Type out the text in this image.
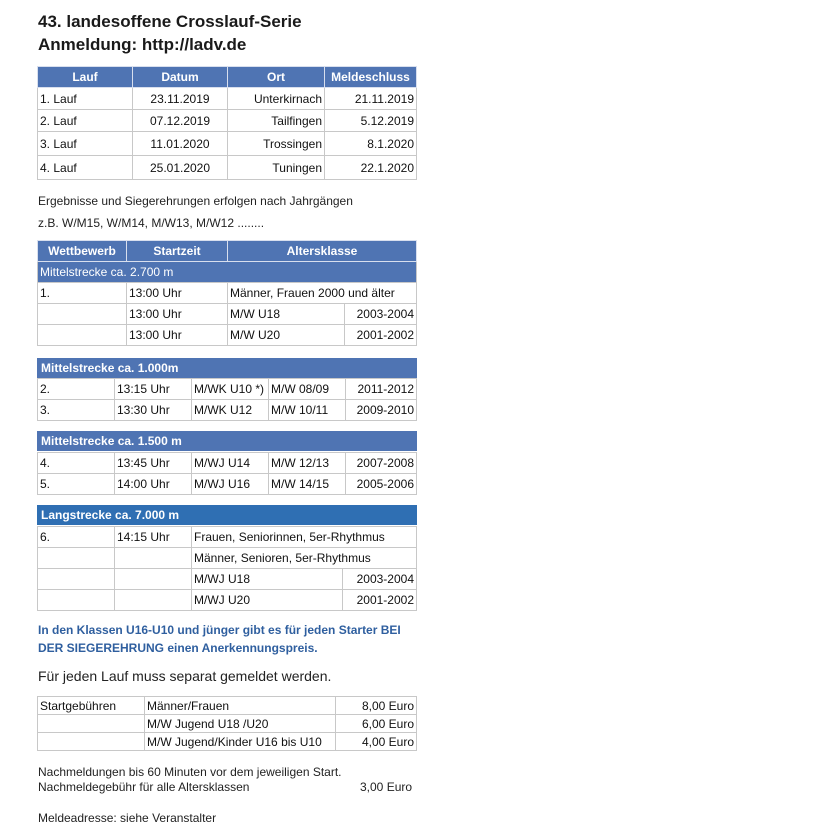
43. landesoffene Crosslauf-Serie
Anmeldung: http://ladv.de
Lauf	Datum	Ort	Meldeschluss
1. Lauf	23.11.2019	Unterkirnach	21.11.2019
2. Lauf	07.12.2019	Tailfingen	5.12.2019
3. Lauf	11.01.2020	Trossingen	8.1.2020
4. Lauf	25.01.2020	Tuningen	22.1.2020
Ergebnisse und Siegerehrungen erfolgen nach Jahrgängen
z.B. W/M15, W/M14, M/W13, M/W12 ........
Wettbewerb	Startzeit	Altersklasse	
Mittelstrecke ca. 2.700 m			
1.	13:00 Uhr	Männer, Frauen 2000 und älter	
	13:00 Uhr	M/W U18	2003-2004
	13:00 Uhr	M/W U20	2001-2002
Mittelstrecke ca. 1.000m
2.	13:15 Uhr	M/WK U10 *)	M/W 08/09	2011-2012
3.	13:30 Uhr	M/WK U12	M/W 10/11	2009-2010
Mittelstrecke ca. 1.500 m
4.	13:45 Uhr	M/WJ U14	M/W 12/13	2007-2008
5.	14:00 Uhr	M/WJ U16	M/W 14/15	2005-2006
Langstrecke ca. 7.000 m
6.	14:15 Uhr	Frauen, Seniorinnen, 5er-Rhythmus	
		Männer, Senioren, 5er-Rhythmus	
		M/WJ U18	2003-2004
		M/WJ U20	2001-2002
In den Klassen U16-U10 und jünger gibt es für jeden Starter BEI
DER SIEGEREHRUNG einen Anerkennungspreis.
Für jeden Lauf muss separat gemeldet werden.
Startgebühren	Männer/Frauen	8,00 Euro
	M/W Jugend U18 /U20	6,00 Euro
	M/W Jugend/Kinder U16 bis U10	4,00 Euro
Nachmeldungen bis 60 Minuten vor dem jeweiligen Start.
Nachmeldegebühr für alle Altersklassen	3,00 Euro
Meldeadresse: siehe Veranstalter
